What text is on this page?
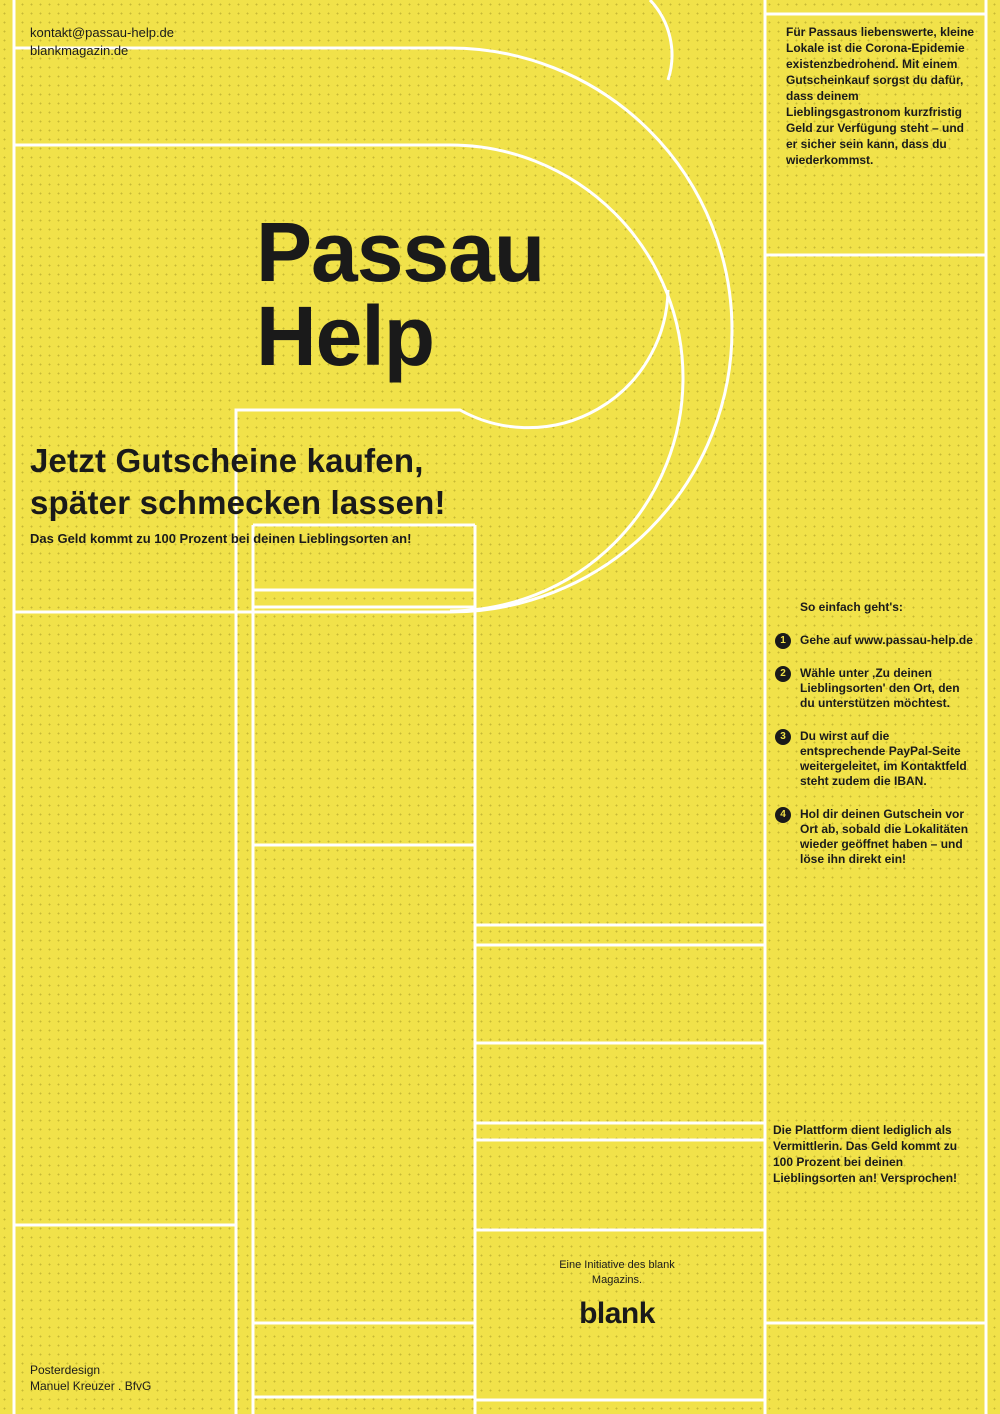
kontakt@passau-help.de
blankmagazin.de
Für Passaus liebenswerte, kleine Lokale ist die Corona-Epidemie existenzbedrohend. Mit einem Gutscheinkauf sorgst du dafür, dass deinem Lieblingsgastronom kurzfristig Geld zur Verfügung steht – und er sicher sein kann, dass du wiederkommst.
Passau
Help
Jetzt Gutscheine kaufen,
später schmecken lassen!
Das Geld kommt zu 100 Prozent bei deinen Lieblingsorten an!
So einfach geht's:
1	Gehe auf www.passau-help.de
2	Wähle unter ‚Zu deinen Lieblingsorten' den Ort, den du unterstützen möchtest.
3	Du wirst auf die entsprechende PayPal-Seite weitergeleitet, im Kontaktfeld steht zudem die IBAN.
4	Hol dir deinen Gutschein vor Ort ab, sobald die Lokalitäten wieder geöffnet haben – und löse ihn direkt ein!
Die Plattform dient lediglich als Vermittlerin. Das Geld kommt zu 100 Prozent bei deinen Lieblingsorten an! Versprochen!
Eine Initiative des blank Magazins.
blank
Posterdesign
Manuel Kreuzer . BfvG
